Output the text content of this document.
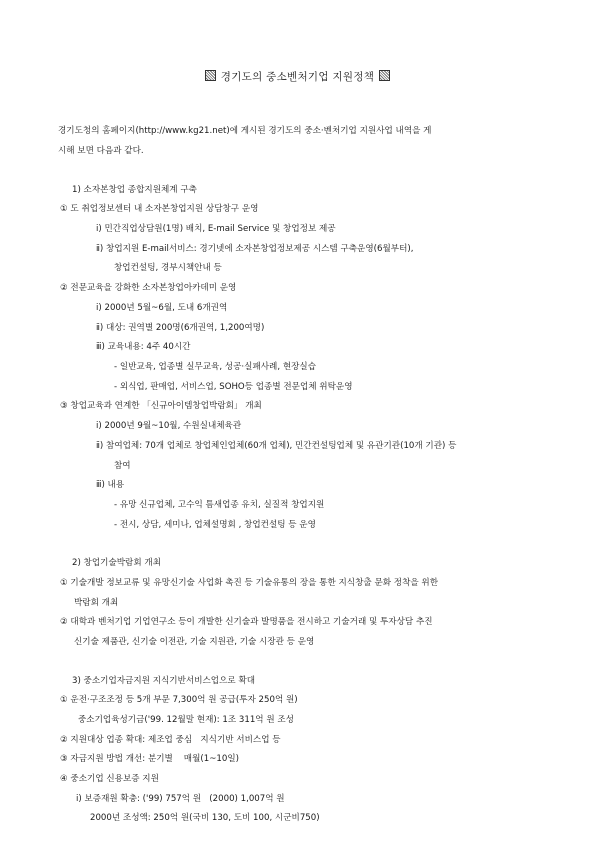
경기도의 중소벤처기업 지원정책
경기도청의 홈페이지(http://www.kg21.net)에 게시된 경기도의 중소·벤처기업 지원사업 내역을 게
시해 보면 다음과 같다.
1) 소자본창업 종합지원체계 구축
① 도 취업정보센터 내 소자본창업지원 상담창구 운영
ⅰ) 민간직업상담원(1명) 배치, E-mail Service 및 창업정보 제공
ⅱ) 창업지원 E-mail서비스: 경기넷에 소자본창업정보제공 시스템 구축운영(6월부터),
창업컨설팅, 경부시책안내 등
② 전문교육을 강화한 소자본창업아카데미 운영
ⅰ) 2000년 5월~6월, 도내 6개권역
ⅱ) 대상: 권역별 200명(6개권역, 1,200여명)
ⅲ) 교육내용: 4주 40시간
- 일반교육, 업종별 실무교육, 성공·실패사례, 현장실습
- 외식업, 판매업, 서비스업, SOHO등 업종별 전문업체 위탁운영
③ 창업교육과 연계한 「신규아이템창업박람회」 개최
ⅰ) 2000년 9월~10월, 수원실내체육관
ⅱ) 참여업체: 70개 업체로 창업체인업체(60개 업체), 민간컨설팅업체 및 유관기관(10개 기관) 등
참여
ⅲ) 내용
- 유망 신규업체, 고수익 틈새업종 유치, 실질적 창업지원
- 전시, 상담, 세미나, 업체설명회 , 창업컨설팅 등 운영
2) 창업기술박람회 개최
① 기술개발 정보교류 및 유망신기술 사업화 촉진 등 기술유통의 장을 통한 지식창출 문화 정착을 위한
박람회 개최
② 대학과 벤처기업 기업연구소 등이 개발한 신기술과 발명품을 전시하고 기술거래 및 투자상담 추진
신기술 제품관, 신기술 이전관, 기술 지원관, 기술 시장관 등 운영
3) 중소기업자금지원 지식기반서비스업으로 확대
① 운전·구조조정 등 5개 부문 7,300억 원 공급(투자 250억 원)
중소기업육성기금('99. 12월말 현재): 1조 311억 원 조성
② 지원대상 업종 확대: 제조업 중심   지식기반 서비스업 등
③ 자금지원 방법 개선: 분기별    매월(1~10일)
④ 중소기업 신용보증 지원
ⅰ) 보증재원 확충: ('99) 757억 원   (2000) 1,007억 원
2000년 조성액: 250억 원(국비 130, 도비 100, 시군비750)
